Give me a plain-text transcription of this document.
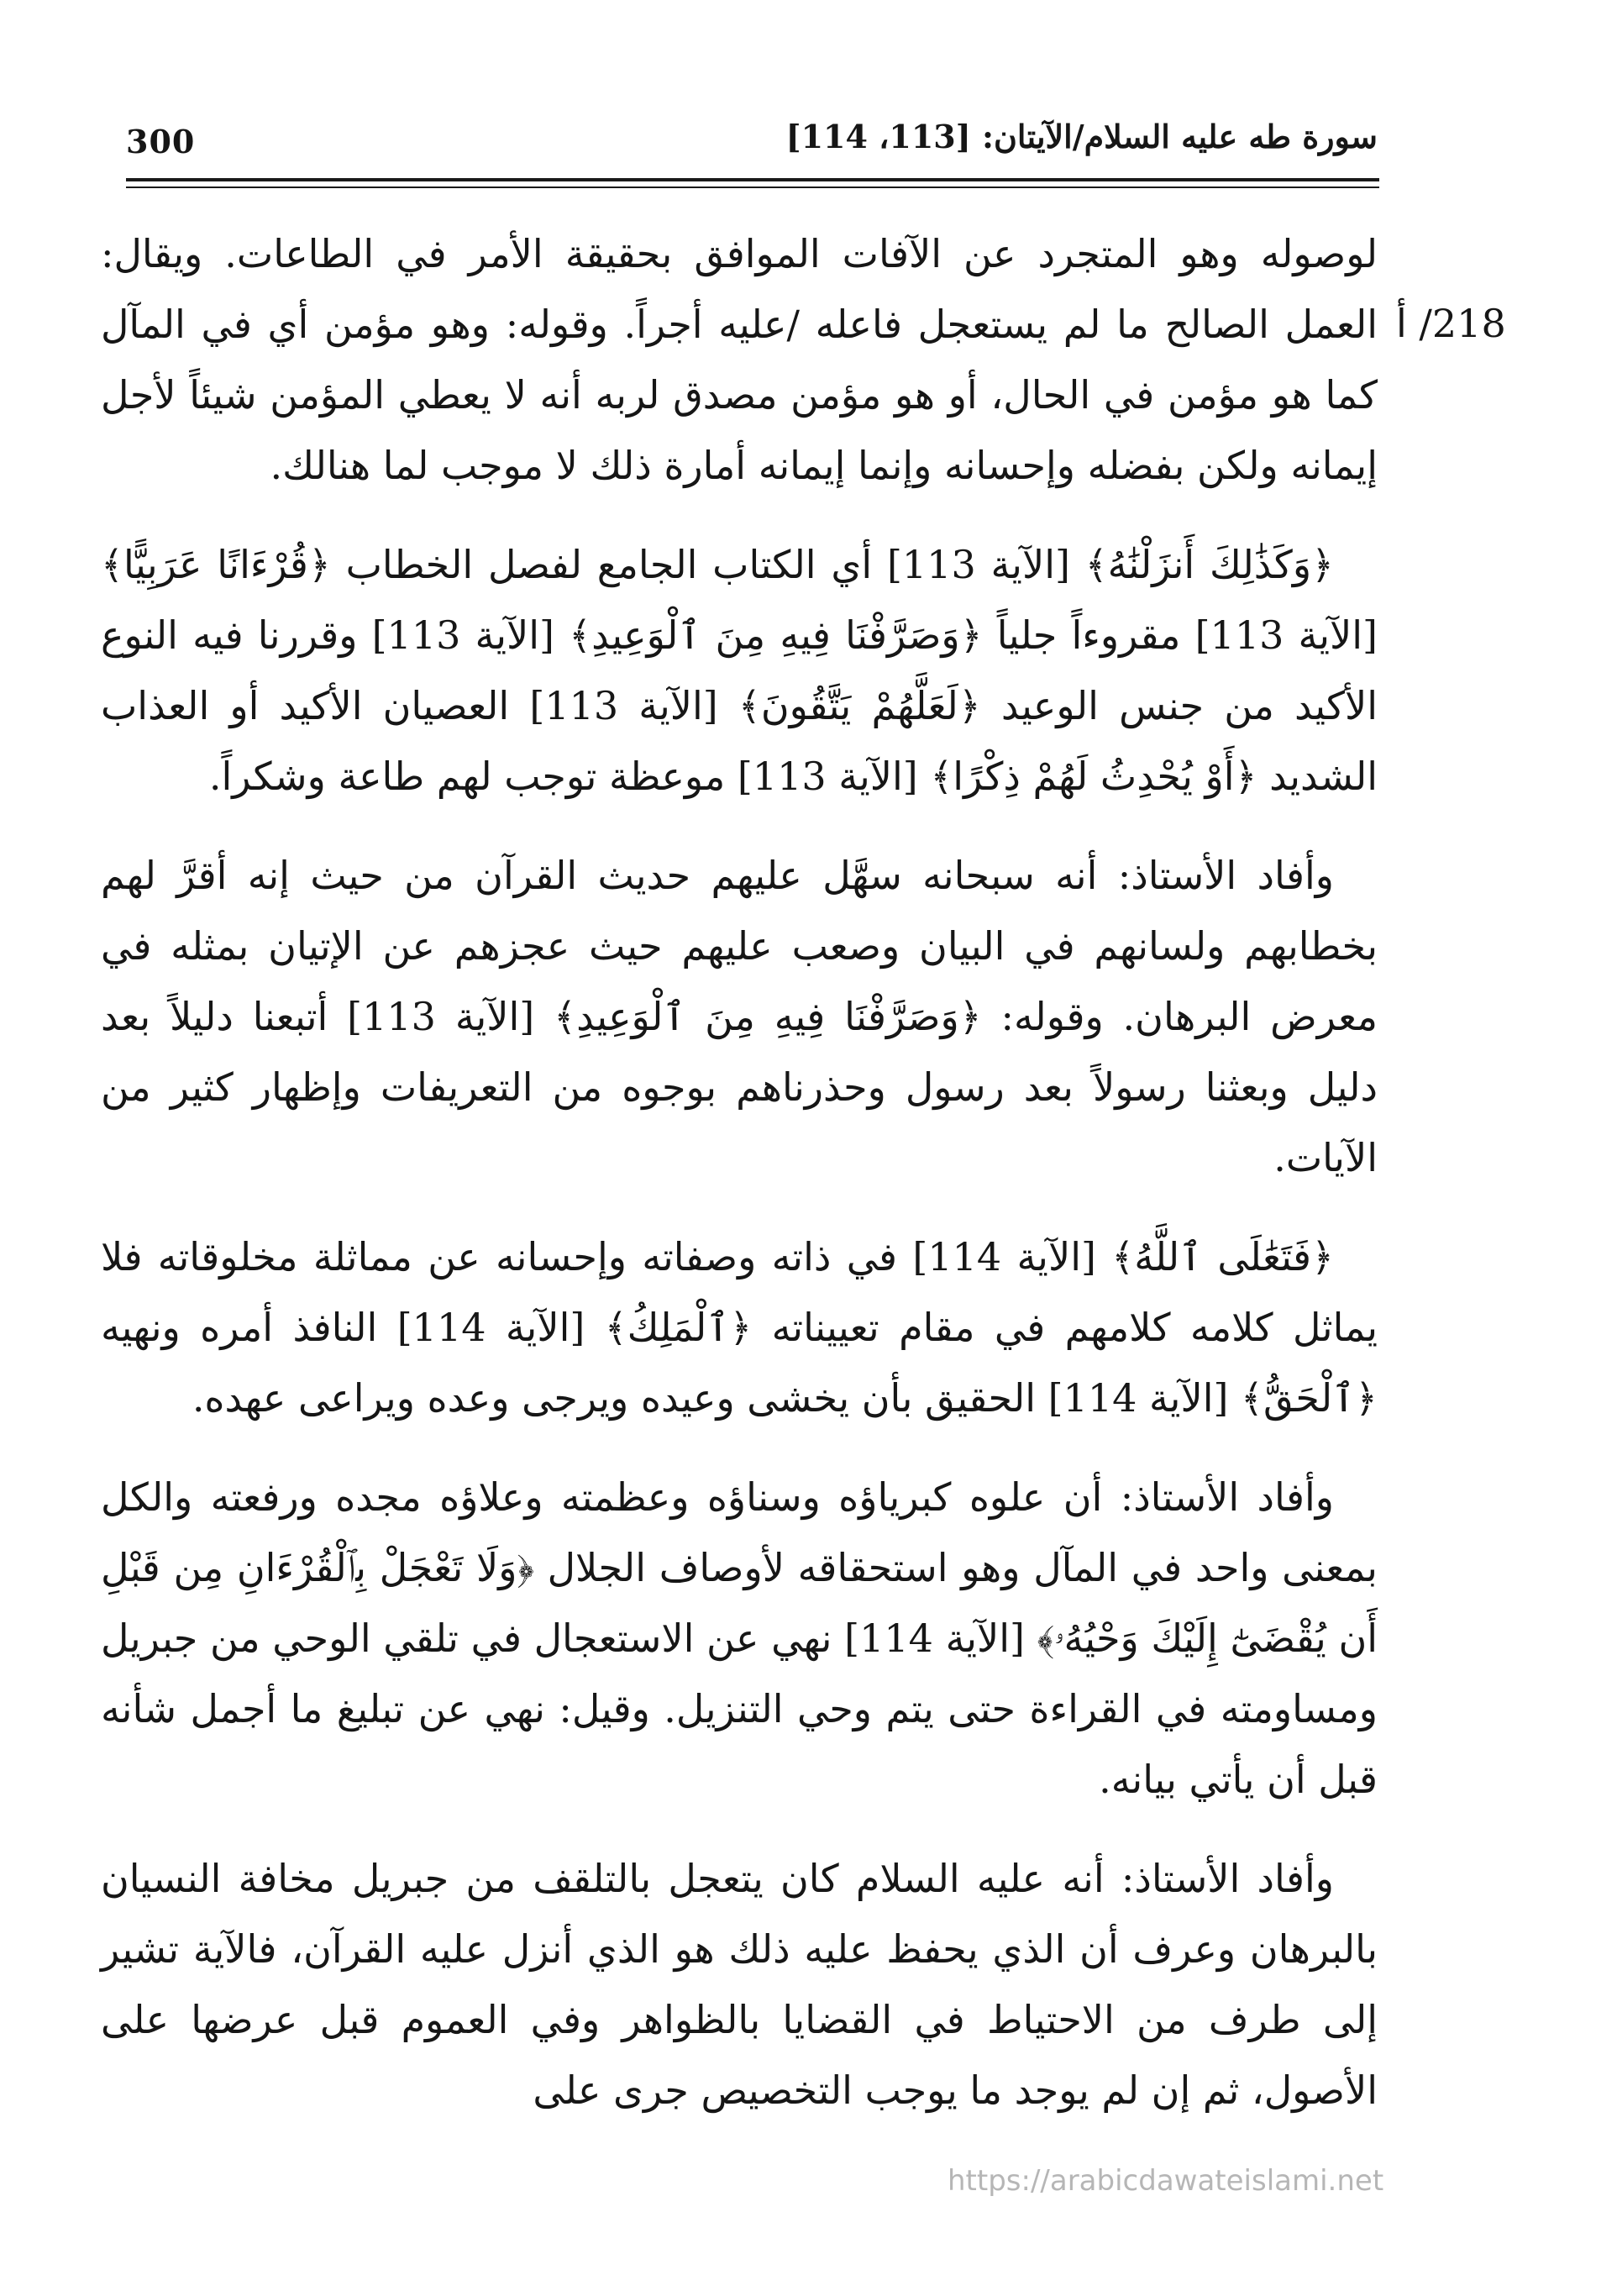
300	سورة طه عليه السلام/الآيتان: [113، 114]
218/ أ

لوصوله وهو المتجرد عن الآفات الموافق بحقيقة الأمر في الطاعات. ويقال: العمل الصالح ما لم يستعجل فاعله /عليه أجراً. وقوله: وهو مؤمن أي في المآل كما هو مؤمن في الحال، أو هو مؤمن مصدق لربه أنه لا يعطي المؤمن شيئاً لأجل إيمانه ولكن بفضله وإحسانه وإنما إيمانه أمارة ذلك لا موجب لما هنالك.

﴿وَكَذَٰلِكَ أَنزَلْنَٰهُ﴾ [الآية 113] أي الكتاب الجامع لفصل الخطاب ﴿قُرْءَانًا عَرَبِيًّا﴾ [الآية 113] مقروءاً جلياً ﴿وَصَرَّفْنَا فِيهِ مِنَ ٱلْوَعِيدِ﴾ [الآية 113] وقررنا فيه النوع الأكيد من جنس الوعيد ﴿لَعَلَّهُمْ يَتَّقُونَ﴾ [الآية 113] العصيان الأكيد أو العذاب الشديد ﴿أَوْ يُحْدِثُ لَهُمْ ذِكْرًا﴾ [الآية 113] موعظة توجب لهم طاعة وشكراً.

وأفاد الأستاذ: أنه سبحانه سهَّل عليهم حديث القرآن من حيث إنه أقرَّ لهم بخطابهم ولسانهم في البيان وصعب عليهم حيث عجزهم عن الإتيان بمثله في معرض البرهان. وقوله: ﴿وَصَرَّفْنَا فِيهِ مِنَ ٱلْوَعِيدِ﴾ [الآية 113] أتبعنا دليلاً بعد دليل وبعثنا رسولاً بعد رسول وحذرناهم بوجوه من التعريفات وإظهار كثير من الآيات.

﴿فَتَعَٰلَى ٱللَّهُ﴾ [الآية 114] في ذاته وصفاته وإحسانه عن مماثلة مخلوقاته فلا يماثل كلامه كلامهم في مقام تعييناته ﴿ٱلْمَلِكُ﴾ [الآية 114] النافذ أمره ونهيه ﴿ٱلْحَقُّ﴾ [الآية 114] الحقيق بأن يخشى وعيده ويرجى وعده ويراعى عهده.

وأفاد الأستاذ: أن علوه كبرياؤه وسناؤه وعظمته وعلاؤه مجده ورفعته والكل بمعنى واحد في المآل وهو استحقاقه لأوصاف الجلال ﴿وَلَا تَعْجَلْ بِٱلْقُرْءَانِ مِن قَبْلِ أَن يُقْضَىٰٓ إِلَيْكَ وَحْيُهُۥ﴾ [الآية 114] نهي عن الاستعجال في تلقي الوحي من جبريل ومساومته في القراءة حتى يتم وحي التنزيل. وقيل: نهي عن تبليغ ما أجمل شأنه قبل أن يأتي بيانه.

وأفاد الأستاذ: أنه عليه السلام كان يتعجل بالتلقف من جبريل مخافة النسيان بالبرهان وعرف أن الذي يحفظ عليه ذلك هو الذي أنزل عليه القرآن، فالآية تشير إلى طرف من الاحتياط في القضايا بالظواهر وفي العموم قبل عرضها على الأصول، ثم إن لم يوجد ما يوجب التخصيص جرى على

https://arabicdawateislami.net
